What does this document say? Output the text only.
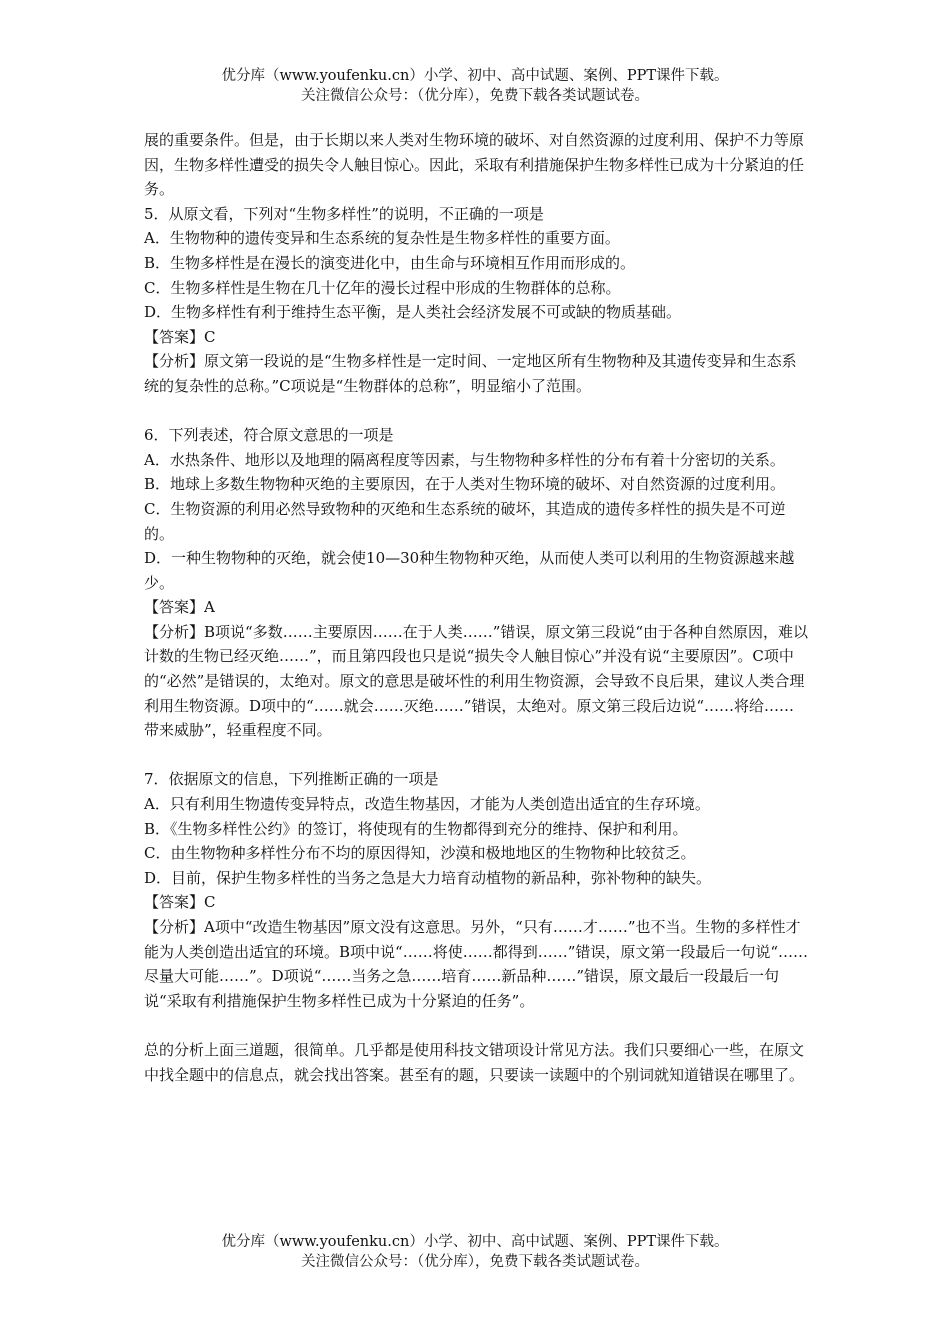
优分库（www.youfenku.cn）小学、初中、高中试题、案例、PPT课件下载。
关注微信公众号：（优分库），免费下载各类试题试卷。

展的重要条件。但是，由于长期以来人类对生物环境的破坏、对自然资源的过度利用、保护不力等原因，生物多样性遭受的损失令人触目惊心。因此，采取有利措施保护生物多样性已成为十分紧迫的任务。

5．从原文看，下列对“生物多样性”的说明，不正确的一项是

A．生物物种的遗传变异和生态系统的复杂性是生物多样性的重要方面。

B．生物多样性是在漫长的演变进化中，由生命与环境相互作用而形成的。

C．生物多样性是生物在几十亿年的漫长过程中形成的生物群体的总称。

D．生物多样性有利于维持生态平衡，是人类社会经济发展不可或缺的物质基础。

【答案】C

【分析】原文第一段说的是“生物多样性是一定时间、一定地区所有生物物种及其遗传变异和生态系统的复杂性的总称。”C项说是“生物群体的总称”，明显缩小了范围。

6．下列表述，符合原文意思的一项是

A．水热条件、地形以及地理的隔离程度等因素，与生物物种多样性的分布有着十分密切的关系。

B．地球上多数生物物种灭绝的主要原因，在于人类对生物环境的破坏、对自然资源的过度利用。

C．生物资源的利用必然导致物种的灭绝和生态系统的破坏，其造成的遗传多样性的损失是不可逆的。

D．一种生物物种的灭绝，就会使10—30种生物物种灭绝，从而使人类可以利用的生物资源越来越少。

【答案】A

【分析】B项说“多数……主要原因……在于人类……”错误，原文第三段说“由于各种自然原因，难以计数的生物已经灭绝……”，而且第四段也只是说“损失令人触目惊心”并没有说“主要原因”。C项中的“必然”是错误的，太绝对。原文的意思是破坏性的利用生物资源，会导致不良后果，建议人类合理利用生物资源。D项中的“……就会……灭绝……”错误，太绝对。原文第三段后边说“……将给……带来威胁”，轻重程度不同。

7．依据原文的信息，下列推断正确的一项是

A．只有利用生物遗传变异特点，改造生物基因，才能为人类创造出适宜的生存环境。

B．《生物多样性公约》的签订，将使现有的生物都得到充分的维持、保护和利用。

C．由生物物种多样性分布不均的原因得知，沙漠和极地地区的生物物种比较贫乏。

D．目前，保护生物多样性的当务之急是大力培育动植物的新品种，弥补物种的缺失。

【答案】C

【分析】A项中“改造生物基因”原文没有这意思。另外，“只有……才……”也不当。生物的多样性才能为人类创造出适宜的环境。B项中说“……将使……都得到……”错误，原文第一段最后一句说“……尽量大可能……”。D项说“……当务之急……培育……新品种……”错误，原文最后一段最后一句说“采取有利措施保护生物多样性已成为十分紧迫的任务”。

总的分析上面三道题，很简单。几乎都是使用科技文错项设计常见方法。我们只要细心一些，在原文中找全题中的信息点，就会找出答案。甚至有的题，只要读一读题中的个别词就知道错误在哪里了。

优分库（www.youfenku.cn）小学、初中、高中试题、案例、PPT课件下载。
关注微信公众号：（优分库），免费下载各类试题试卷。
